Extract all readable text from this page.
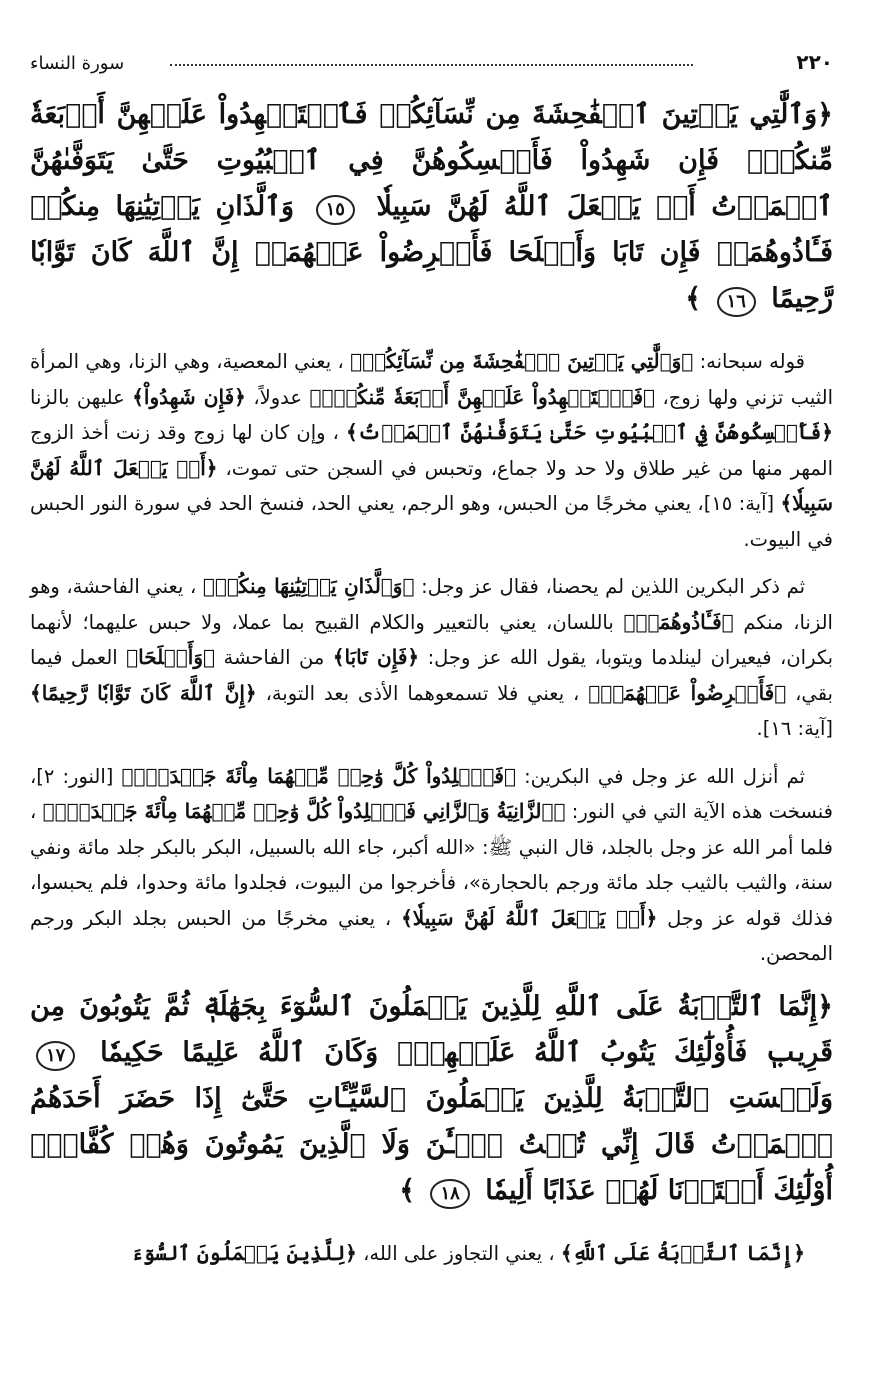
٢٢٠
سورة النساء

﴿وَٱلَّٰتِي يَأۡتِينَ ٱلۡفَٰحِشَةَ مِن نِّسَآئِكُمۡ فَٱسۡتَشۡهِدُواْ عَلَيۡهِنَّ أَرۡبَعَةٗ مِّنكُمۡۖ فَإِن شَهِدُواْ فَأَمۡسِكُوهُنَّ فِي ٱلۡبُيُوتِ حَتَّىٰ يَتَوَفَّىٰهُنَّ ٱلۡمَوۡتُ أَوۡ يَجۡعَلَ ٱللَّهُ لَهُنَّ سَبِيلٗا ١٥ وَٱلَّذَانِ يَأۡتِيَٰنِهَا مِنكُمۡ فَـَٔاذُوهُمَاۖ فَإِن تَابَا وَأَصۡلَحَا فَأَعۡرِضُواْ عَنۡهُمَآۗ إِنَّ ٱللَّهَ كَانَ تَوَّابٗا رَّحِيمًا ١٦ ﴾

قوله سبحانه: ﴿وَٱلَّٰتِي يَأۡتِينَ ٱلۡفَٰحِشَةَ مِن نِّسَآئِكُمۡ﴾ ، يعني المعصية، وهي الزنا، وهي المرأة الثيب تزني ولها زوج، ﴿فَٱسۡتَشۡهِدُواْ عَلَيۡهِنَّ أَرۡبَعَةٗ مِّنكُمۡۖ﴾ عدولاً، ﴿فَإِن شَهِدُواْ﴾ عليهن بالزنا ﴿فَأَمۡسِكُوهُنَّ فِي ٱلۡبُيُوتِ حَتَّىٰ يَتَوَفَّىٰهُنَّ ٱلۡمَوۡتُ﴾ ، وإن كان لها زوج وقد زنت أخذ الزوج المهر منها من غير طلاق ولا حد ولا جماع، وتحبس في السجن حتى تموت، ﴿أَوۡ يَجۡعَلَ ٱللَّهُ لَهُنَّ سَبِيلٗا﴾ [آية: ١٥]، يعني مخرجًا من الحبس، وهو الرجم، يعني الحد، فنسخ الحد في سورة النور الحبس في البيوت.

ثم ذكر البكرين اللذين لم يحصنا، فقال عز وجل: ﴿وَٱلَّذَانِ يَأۡتِيَٰنِهَا مِنكُمۡ﴾ ، يعني الفاحشة، وهو الزنا، منكم ﴿فَـَٔاذُوهُمَاۖ﴾ باللسان، يعني بالتعيير والكلام القبيح بما عملا، ولا حبس عليهما؛ لأنهما بكران، فيعيران لينلدما ويتوبا، يقول الله عز وجل: ﴿فَإِن تَابَا﴾ من الفاحشة ﴿وَأَصۡلَحَا﴾ العمل فيما بقي، ﴿فَأَعۡرِضُواْ عَنۡهُمَآۗ﴾ ، يعني فلا تسمعوهما الأذى بعد التوبة، ﴿إِنَّ ٱللَّهَ كَانَ تَوَّابٗا رَّحِيمًا﴾ [آية: ١٦].

ثم أنزل الله عز وجل في البكرين: ﴿فَٱجۡلِدُواْ كُلَّ وَٰحِدٖ مِّنۡهُمَا مِاْئَةَ جَلۡدَةٖۖ﴾ [النور: ٢]، فنسخت هذه الآية التي في النور: ﴿ٱلزَّانِيَةُ وَٱلزَّانِي فَٱجۡلِدُواْ كُلَّ وَٰحِدٖ مِّنۡهُمَا مِاْئَةَ جَلۡدَةٖۖ﴾ ، فلما أمر الله عز وجل بالجلد، قال النبي ﷺ: «الله أكبر، جاء الله بالسبيل، البكر بالبكر جلد مائة ونفي سنة، والثيب بالثيب جلد مائة ورجم بالحجارة»، فأخرجوا من البيوت، فجلدوا مائة وحدوا، فلم يحبسوا، فذلك قوله عز وجل ﴿أَوۡ يَجۡعَلَ ٱللَّهُ لَهُنَّ سَبِيلٗا﴾ ، يعني مخرجًا من الحبس بجلد البكر ورجم المحصن.

﴿إِنَّمَا ٱلتَّوۡبَةُ عَلَى ٱللَّهِ لِلَّذِينَ يَعۡمَلُونَ ٱلسُّوٓءَ بِجَهَٰلَةٖ ثُمَّ يَتُوبُونَ مِن قَرِيبٖ فَأُوْلَٰٓئِكَ يَتُوبُ ٱللَّهُ عَلَيۡهِمۡۗ وَكَانَ ٱللَّهُ عَلِيمًا حَكِيمٗا ١٧ وَلَيۡسَتِ ٱلتَّوۡبَةُ لِلَّذِينَ يَعۡمَلُونَ ٱلسَّيِّـَٔاتِ حَتَّىٰٓ إِذَا حَضَرَ أَحَدَهُمُ ٱلۡمَوۡتُ قَالَ إِنِّي تُبۡتُ ٱلۡـَٰٔنَ وَلَا ٱلَّذِينَ يَمُوتُونَ وَهُمۡ كُفَّارٌۚ أُوْلَٰٓئِكَ أَعۡتَدۡنَا لَهُمۡ عَذَابًا أَلِيمٗا ١٨ ﴾

﴿إِنَّمَا ٱلتَّوۡبَةُ عَلَى ٱللَّهِ﴾ ، يعني التجاوز على الله، ﴿لِلَّذِينَ يَعۡمَلُونَ ٱلسُّوٓءَ
